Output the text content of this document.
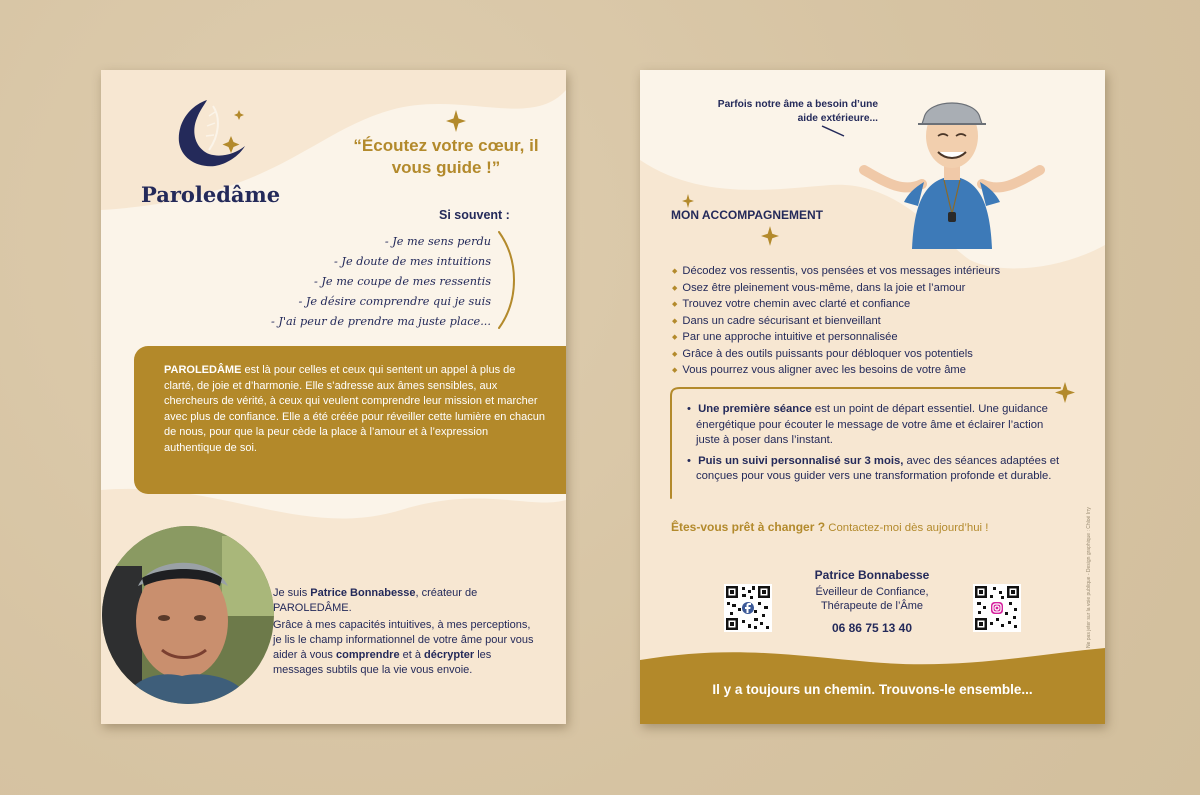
Paroledâme
“Écoutez votre cœur, il vous guide !”
Si souvent :
- Je me sens perdu
- Je doute de mes intuitions
- Je me coupe de mes ressentis
- Je désire comprendre qui je suis
- J'ai peur de prendre ma juste place...
PAROLEDÂME est là pour celles et ceux qui sentent un appel à plus de clarté, de joie et d’harmonie. Elle s’adresse aux âmes sensibles, aux chercheurs de vérité, à ceux qui veulent comprendre leur mission et marcher avec plus de confiance. Elle a été créée pour réveiller cette lumière en chacun de nous, pour que la peur cède la place à l’amour et à l’expression authentique de soi.

Je suis Patrice Bonnabesse, créateur de PAROLEDÂME.

Grâce à mes capacités intuitives, à mes perceptions, je lis le champ informationnel de votre âme pour vous aider à vous comprendre et à décrypter les messages subtils que la vie vous envoie.

Parfois notre âme a besoin d’une aide extérieure...
MON ACCOMPAGNEMENT
◆ Décodez vos ressentis, vos pensées et vos messages intérieurs
◆ Osez être pleinement vous-même, dans la joie et l’amour
◆ Trouvez votre chemin avec clarté et confiance
◆ Dans un cadre sécurisant et bienveillant
◆ Par une approche intuitive et personnalisée
◆ Grâce à des outils puissants pour débloquer vos potentiels
◆ Vous pourrez vous aligner avec les besoins de votre âme

• Une première séance est un point de départ essentiel. Une guidance énergétique pour écouter le message de votre âme et éclairer l’action juste à poser dans l’instant.

• Puis un suivi personnalisé sur 3 mois, avec des séances adaptées et conçues pour vous guider vers une transformation profonde et durable.

Êtes-vous prêt à changer ? Contactez-moi dès aujourd’hui !
Patrice Bonnabesse
Éveilleur de Confiance,
Thérapeute de l’Âme
06 86 75 13 40
Il y a toujours un chemin. Trouvons-le ensemble...
Ne pas jeter sur la voie publique - Design graphique : Chloé Irry
